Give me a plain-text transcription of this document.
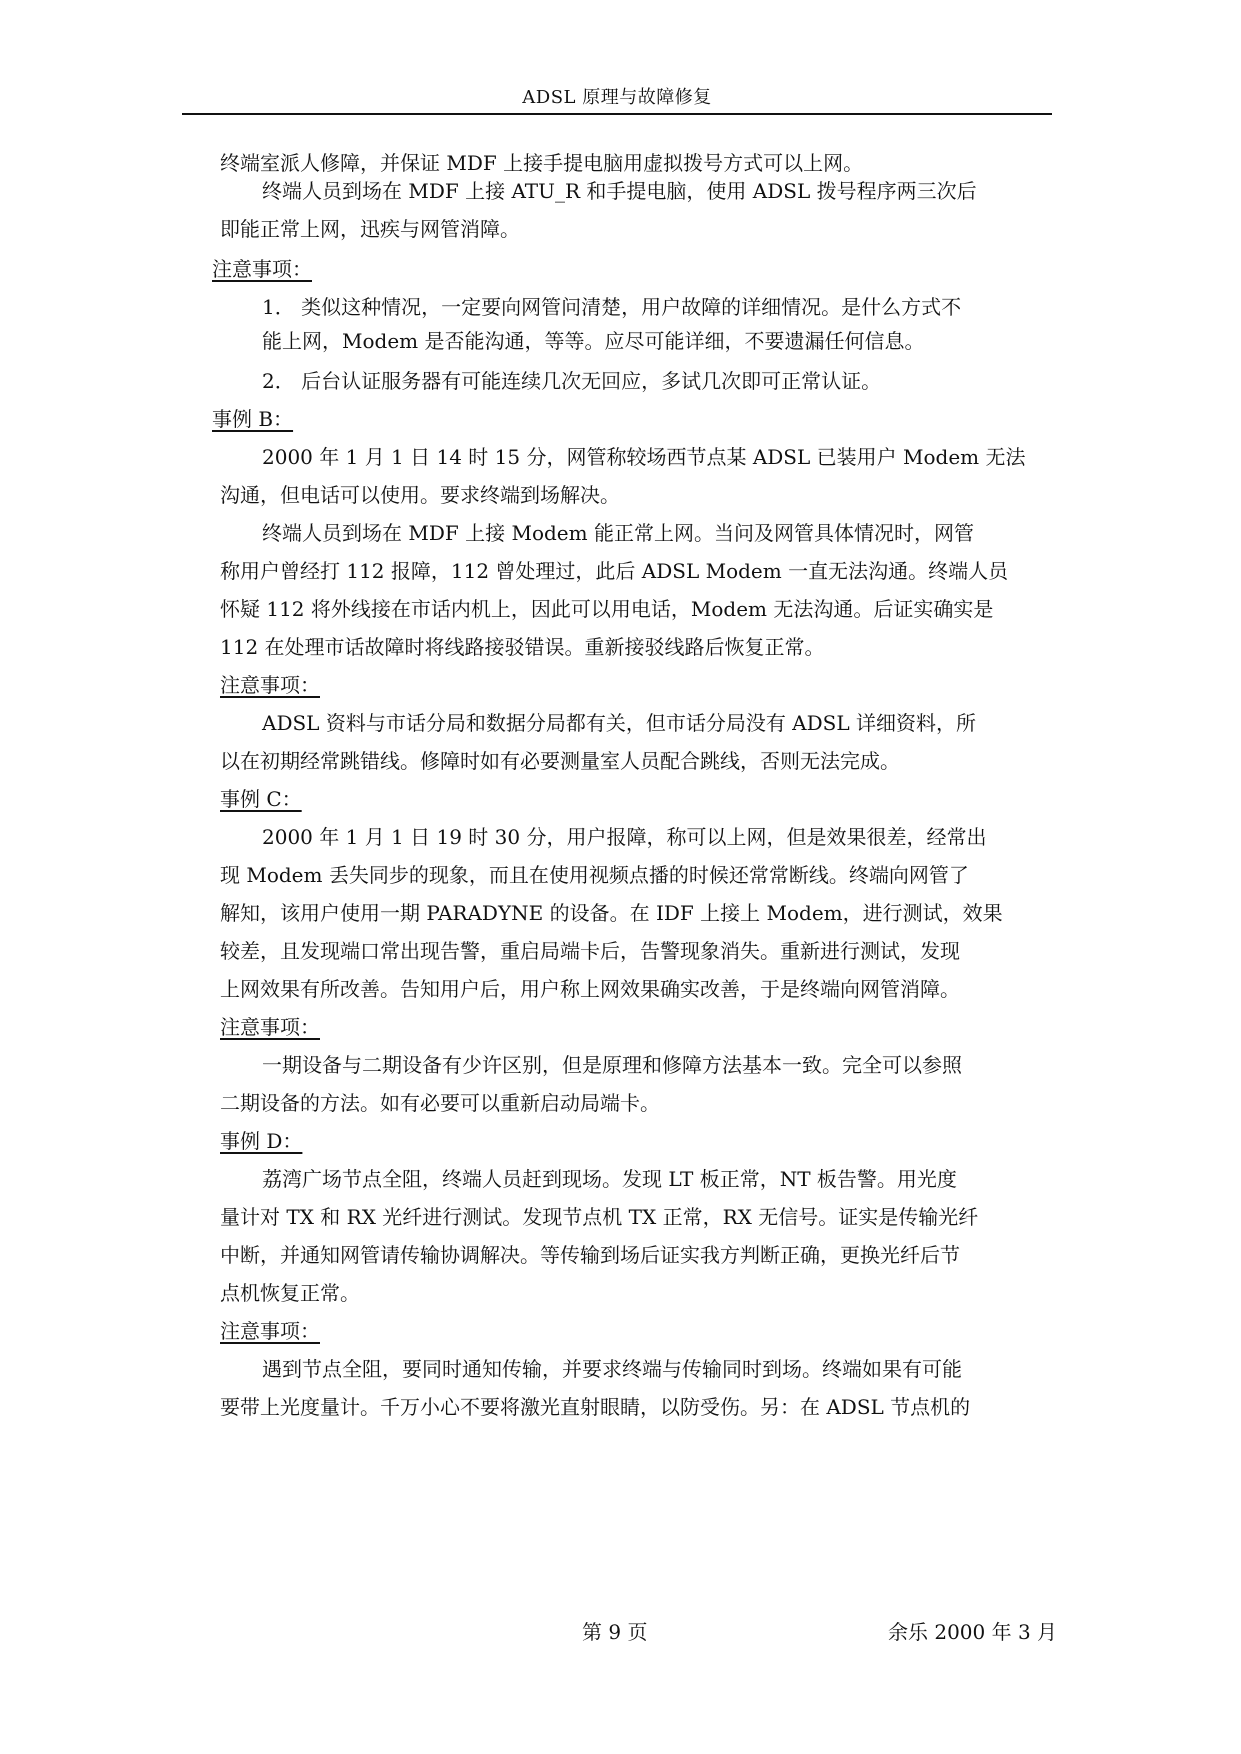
ADSL 原理与故障修复
终端室派人修障，并保证 MDF 上接手提电脑用虚拟拨号方式可以上网。
终端人员到场在 MDF 上接 ATU_R 和手提电脑，使用 ADSL 拨号程序两三次后
即能正常上网，迅疾与网管消障。
注意事项：
1． 类似这种情况，一定要向网管问清楚，用户故障的详细情况。是什么方式不
能上网，Modem 是否能沟通，等等。应尽可能详细，不要遗漏任何信息。
2． 后台认证服务器有可能连续几次无回应，多试几次即可正常认证。
事例 B：
2000 年 1 月 1 日 14 时 15 分，网管称较场西节点某 ADSL 已装用户 Modem 无法
沟通，但电话可以使用。要求终端到场解决。
终端人员到场在 MDF 上接 Modem 能正常上网。当问及网管具体情况时，网管
称用户曾经打 112 报障，112 曾处理过，此后 ADSL Modem 一直无法沟通。终端人员
怀疑 112 将外线接在市话内机上，因此可以用电话，Modem 无法沟通。后证实确实是
112 在处理市话故障时将线路接驳错误。重新接驳线路后恢复正常。
注意事项：
ADSL 资料与市话分局和数据分局都有关，但市话分局没有 ADSL 详细资料，所
以在初期经常跳错线。修障时如有必要测量室人员配合跳线，否则无法完成。
事例 C：
2000 年 1 月 1 日 19 时 30 分，用户报障，称可以上网，但是效果很差，经常出
现 Modem 丢失同步的现象，而且在使用视频点播的时候还常常断线。终端向网管了
解知，该用户使用一期 PARADYNE 的设备。在 IDF 上接上 Modem，进行测试，效果
较差，且发现端口常出现告警，重启局端卡后，告警现象消失。重新进行测试，发现
上网效果有所改善。告知用户后，用户称上网效果确实改善，于是终端向网管消障。
注意事项：
一期设备与二期设备有少许区别，但是原理和修障方法基本一致。完全可以参照
二期设备的方法。如有必要可以重新启动局端卡。
事例 D：
荔湾广场节点全阻，终端人员赶到现场。发现 LT 板正常，NT 板告警。用光度
量计对 TX 和 RX 光纤进行测试。发现节点机 TX 正常，RX 无信号。证实是传输光纤
中断，并通知网管请传输协调解决。等传输到场后证实我方判断正确，更换光纤后节
点机恢复正常。
注意事项：
遇到节点全阻，要同时通知传输，并要求终端与传输同时到场。终端如果有可能
要带上光度量计。千万小心不要将激光直射眼睛，以防受伤。另：在 ADSL 节点机的
第 9 页	余乐 2000 年 3 月
